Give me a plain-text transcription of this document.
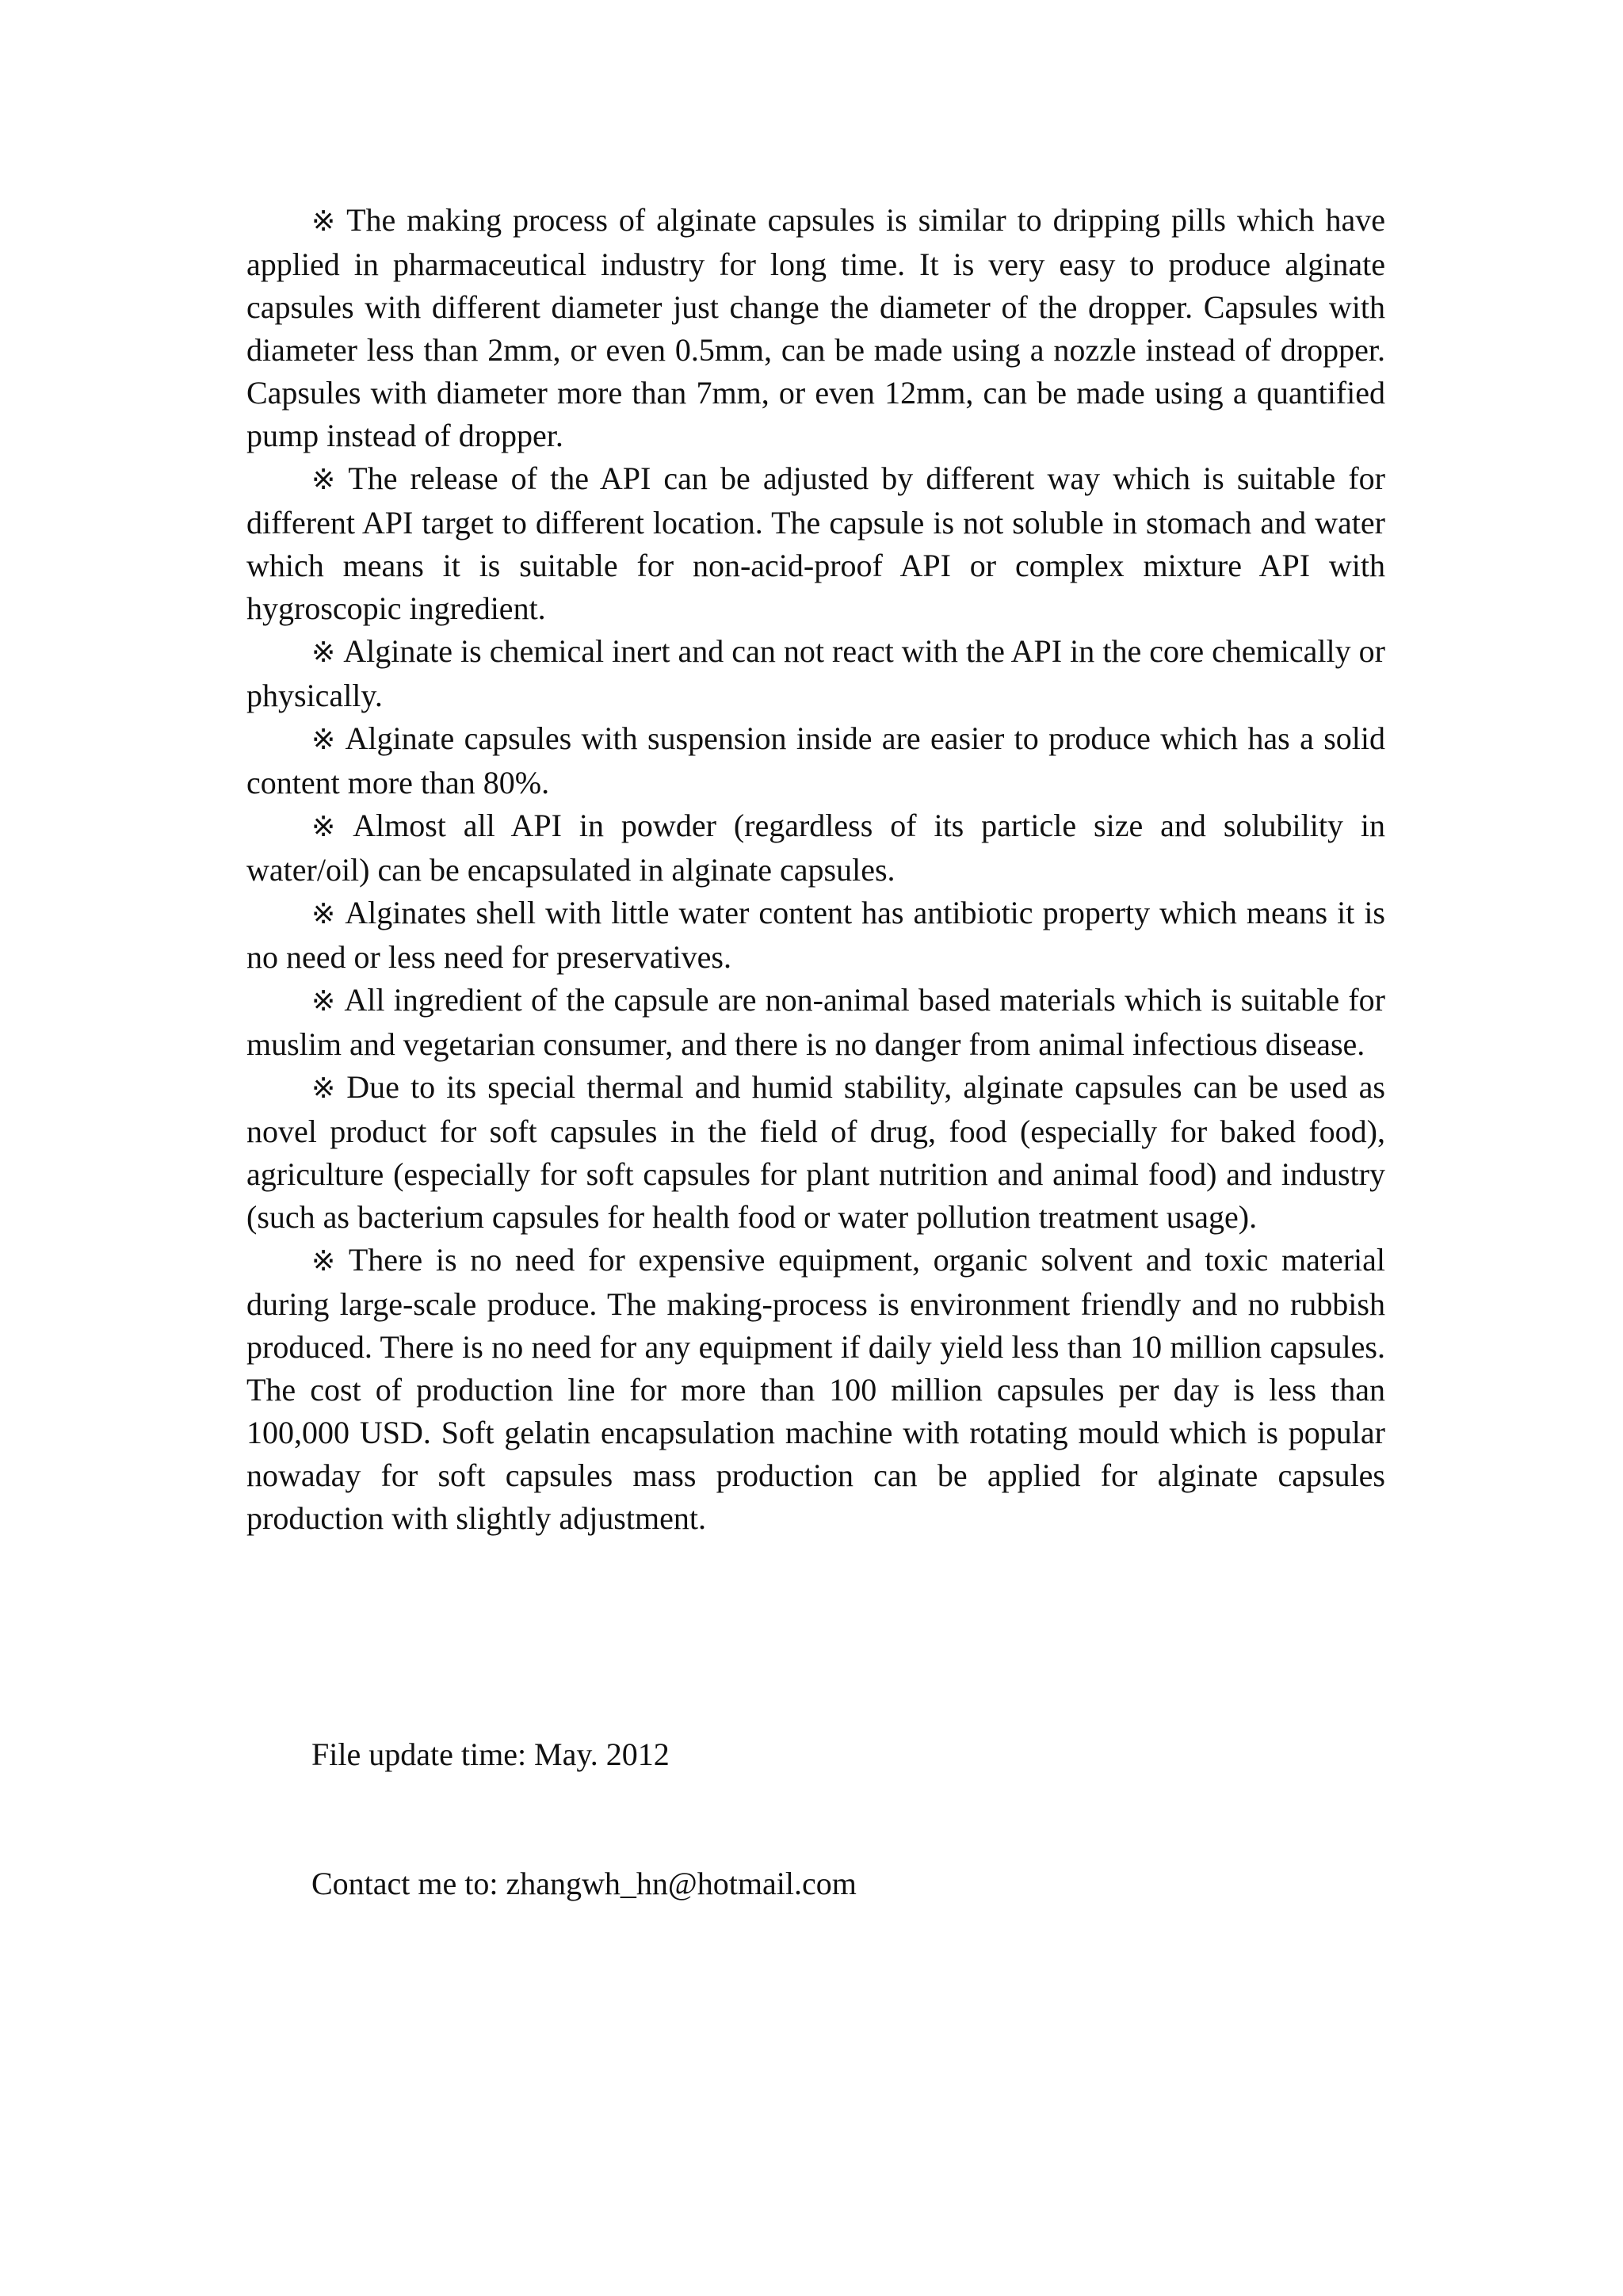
※ The making process of alginate capsules is similar to dripping pills which have applied in pharmaceutical industry for long time. It is very easy to produce alginate capsules with different diameter just change the diameter of the dropper. Capsules with diameter less than 2mm, or even 0.5mm, can be made using a nozzle instead of dropper. Capsules with diameter more than 7mm, or even 12mm, can be made using a quantified pump instead of dropper.

※ The release of the API can be adjusted by different way which is suitable for different API target to different location. The capsule is not soluble in stomach and water which means it is suitable for non-acid-proof API or complex mixture API with hygroscopic ingredient.

※ Alginate is chemical inert and can not react with the API in the core chemically or physically.

※ Alginate capsules with suspension inside are easier to produce which has a solid content more than 80%.

※ Almost all API in powder (regardless of its particle size and solubility in water/oil) can be encapsulated in alginate capsules.

※ Alginates shell with little water content has antibiotic property which means it is no need or less need for preservatives.

※ All ingredient of the capsule are non-animal based materials which is suitable for muslim and vegetarian consumer, and there is no danger from animal infectious disease.

※ Due to its special thermal and humid stability, alginate capsules can be used as novel product for soft capsules in the field of drug, food (especially for baked food), agriculture (especially for soft capsules for plant nutrition and animal food) and industry (such as bacterium capsules for health food or water pollution treatment usage).

※ There is no need for expensive equipment, organic solvent and toxic material during large-scale produce. The making-process is environment friendly and no rubbish produced. There is no need for any equipment if daily yield less than 10 million capsules. The cost of production line for more than 100 million capsules per day is less than 100,000 USD. Soft gelatin encapsulation machine with rotating mould which is popular nowaday for soft capsules mass production can be applied for alginate capsules production with slightly adjustment.

File update time: May. 2012
Contact me to: zhangwh_hn@hotmail.com
